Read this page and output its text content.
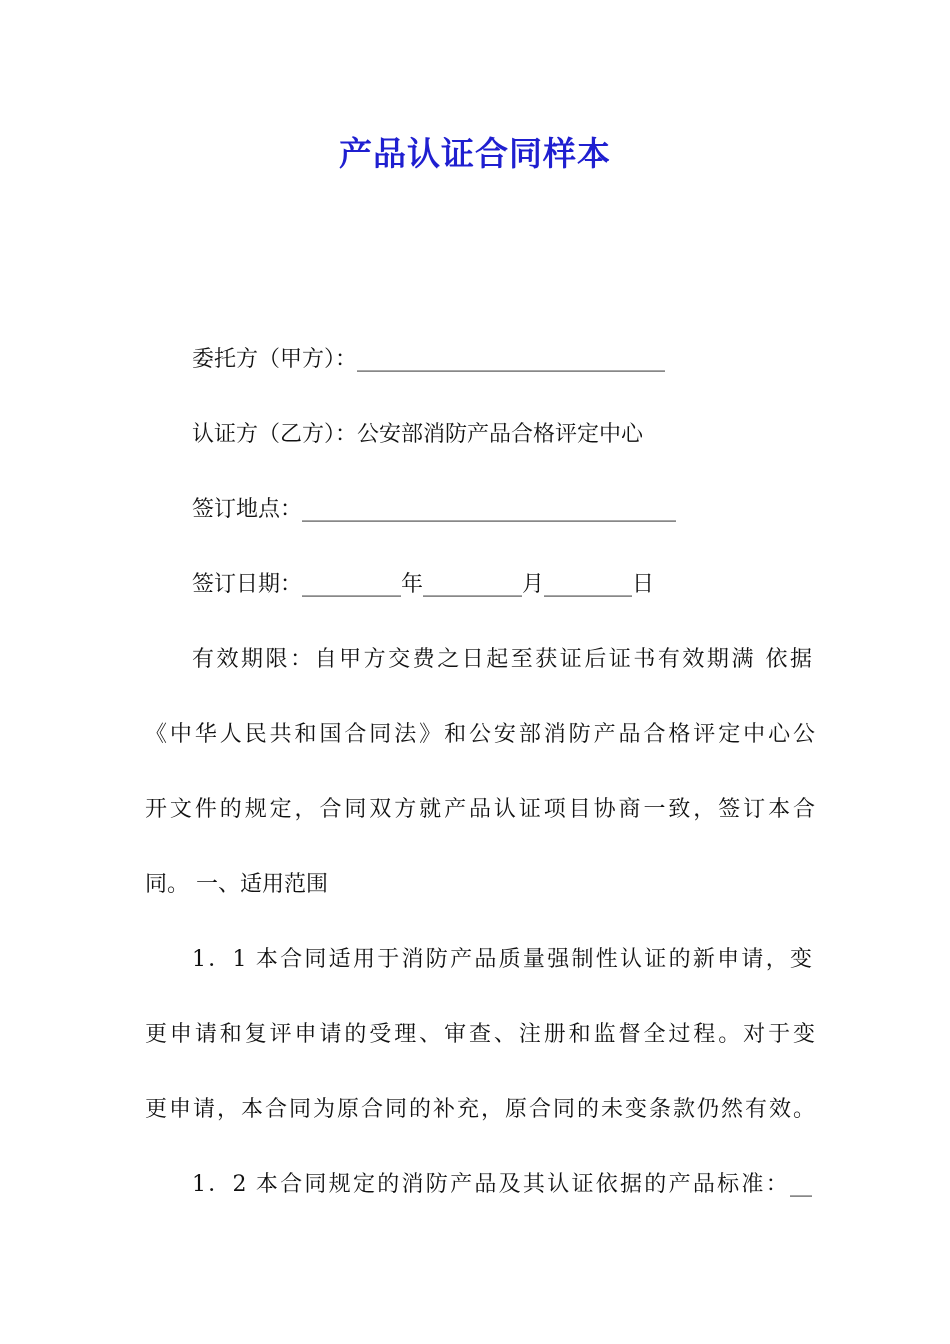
产品认证合同样本
委托方（甲方）：____________________________
认证方（乙方）：公安部消防产品合格评定中心
签订地点：__________________________________
签订日期：_________年_________月________日
有效期限：自甲方交费之日起至获证后证书有效期满 依据
《中华人民共和国合同法》和公安部消防产品合格评定中心公
开文件的规定，合同双方就产品认证项目协商一致，签订本合
同。 一、适用范围
1．1 本合同适用于消防产品质量强制性认证的新申请，变
更申请和复评申请的受理、审查、注册和监督全过程。对于变
更申请，本合同为原合同的补充，原合同的未变条款仍然有效。
1．2 本合同规定的消防产品及其认证依据的产品标准：__
